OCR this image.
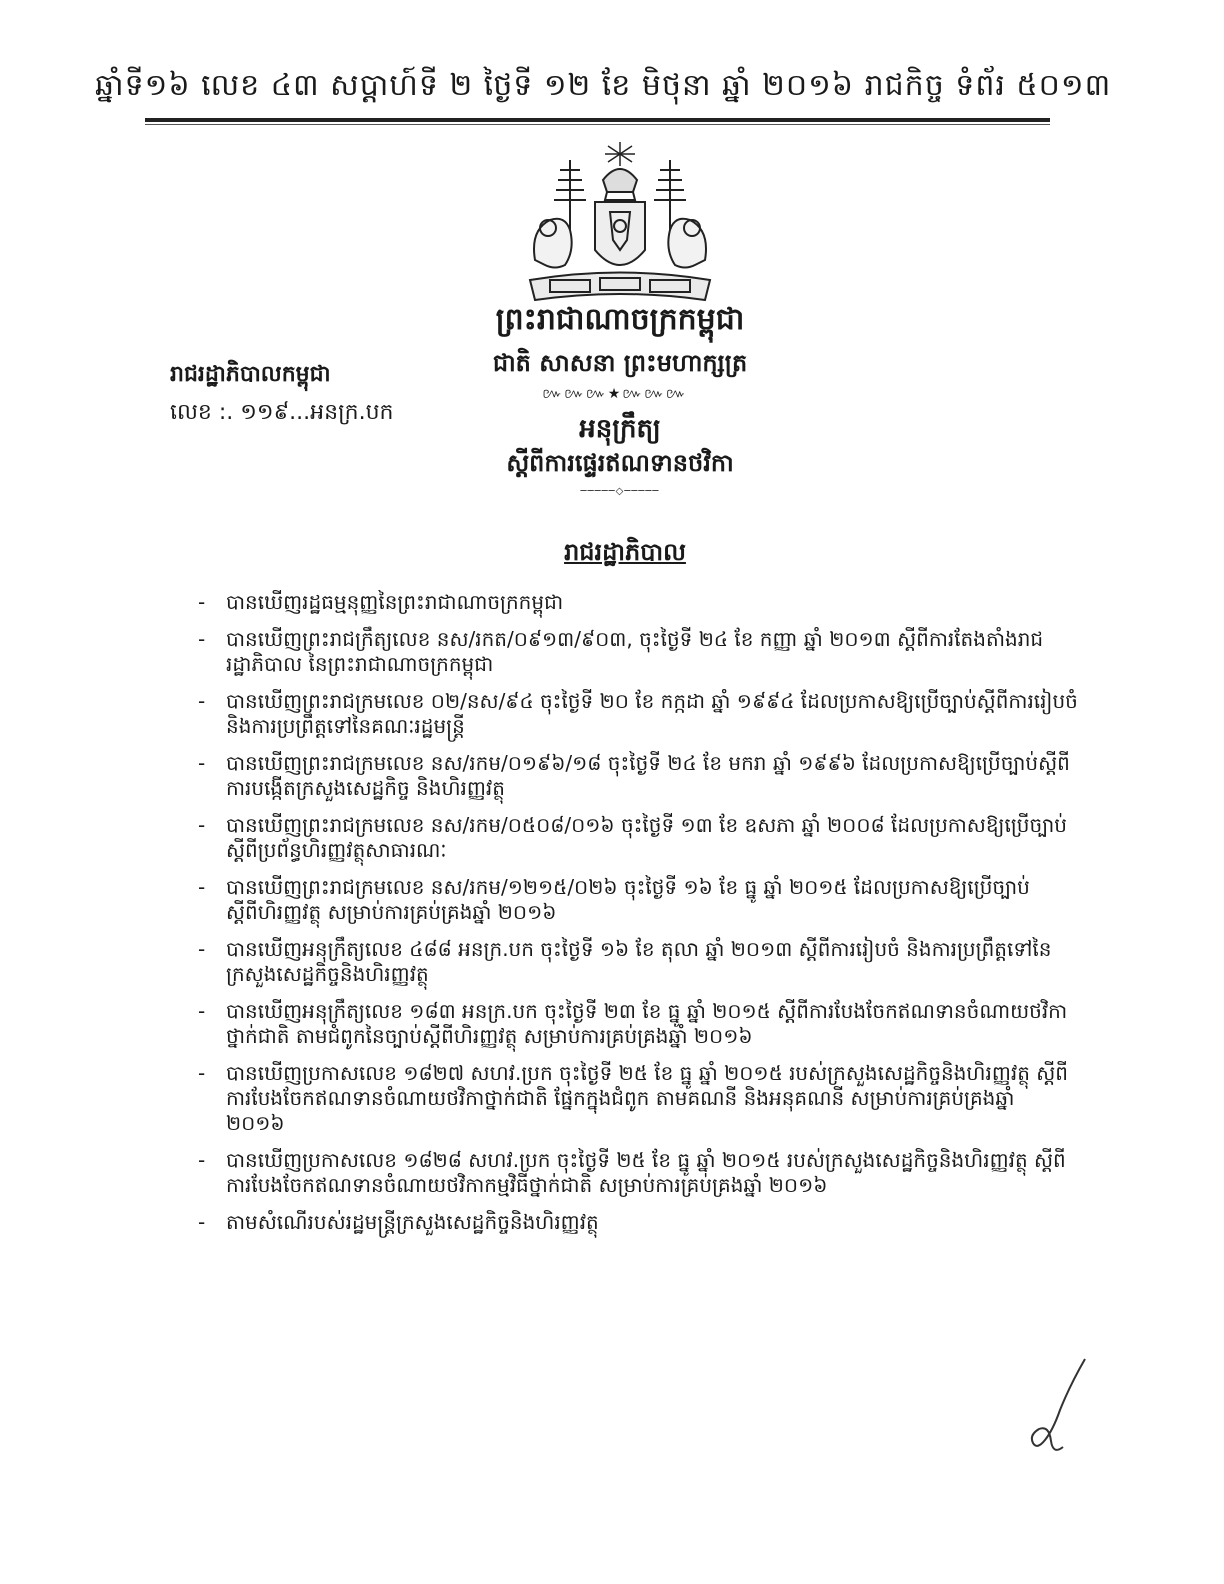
ឆ្នាំទី១៦ លេខ ៤៣ សប្តាហ៍ទី ២ ថ្ងៃទី ១២ ខែ មិថុនា ឆ្នាំ ២០១៦ រាជកិច្ច ទំព័រ ៥០១៣
ព្រះរាជាណាចក្រកម្ពុជា
ជាតិ សាសនា ព្រះមហាក្សត្រ
៚៚៚★៚៚៚
អនុក្រឹត្យ
ស្តីពីការផ្ទេរឥណទានថវិកា
─────◇─────
រាជរដ្ឋាភិបាលកម្ពុជា
លេខ :. ១១៩...អនក្រ.បក
រាជរដ្ឋាភិបាល
- បានឃើញរដ្ឋធម្មនុញ្ញនៃព្រះរាជាណាចក្រកម្ពុជា
- បានឃើញព្រះរាជក្រឹត្យលេខ នស/រកត/០៩១៣/៩០៣, ចុះថ្ងៃទី ២៤ ខែ កញ្ញា ឆ្នាំ ២០១៣ ស្តីពីការតែងតាំងរាជរដ្ឋាភិបាល នៃព្រះរាជាណាចក្រកម្ពុជា
- បានឃើញព្រះរាជក្រមលេខ ០២/នស/៩៤ ចុះថ្ងៃទី ២០ ខែ កក្កដា ឆ្នាំ ១៩៩៤ ដែលប្រកាសឱ្យប្រើច្បាប់ស្តីពីការរៀបចំ និងការប្រព្រឹត្តទៅនៃគណៈរដ្ឋមន្ត្រី
- បានឃើញព្រះរាជក្រមលេខ នស/រកម/០១៩៦/១៨ ចុះថ្ងៃទី ២៤ ខែ មករា ឆ្នាំ ១៩៩៦ ដែលប្រកាសឱ្យប្រើច្បាប់ស្តីពីការបង្កើតក្រសួងសេដ្ឋកិច្ច និងហិរញ្ញវត្ថុ
- បានឃើញព្រះរាជក្រមលេខ នស/រកម/០៥០៨/០១៦ ចុះថ្ងៃទី ១៣ ខែ ឧសភា ឆ្នាំ ២០០៨ ដែលប្រកាសឱ្យប្រើច្បាប់ស្តីពីប្រព័ន្ធហិរញ្ញវត្ថុសាធារណៈ
- បានឃើញព្រះរាជក្រមលេខ នស/រកម/១២១៥/០២៦ ចុះថ្ងៃទី ១៦ ខែ ធ្នូ ឆ្នាំ ២០១៥ ដែលប្រកាសឱ្យប្រើច្បាប់ស្តីពីហិរញ្ញវត្ថុ សម្រាប់ការគ្រប់គ្រងឆ្នាំ ២០១៦
- បានឃើញអនុក្រឹត្យលេខ ៤៨៨ អនក្រ.បក ចុះថ្ងៃទី ១៦ ខែ តុលា ឆ្នាំ ២០១៣ ស្តីពីការរៀបចំ និងការប្រព្រឹត្តទៅនៃក្រសួងសេដ្ឋកិច្ចនិងហិរញ្ញវត្ថុ
- បានឃើញអនុក្រឹត្យលេខ ១៨៣ អនក្រ.បក ចុះថ្ងៃទី ២៣ ខែ ធ្នូ ឆ្នាំ ២០១៥ ស្តីពីការបែងចែកឥណទានចំណាយថវិកាថ្នាក់ជាតិ តាមជំពូកនៃច្បាប់ស្តីពីហិរញ្ញវត្ថុ សម្រាប់ការគ្រប់គ្រងឆ្នាំ ២០១៦
- បានឃើញប្រកាសលេខ ១៨២៧ សហវ.ប្រក ចុះថ្ងៃទី ២៥ ខែ ធ្នូ ឆ្នាំ ២០១៥ របស់ក្រសួងសេដ្ឋកិច្ចនិងហិរញ្ញវត្ថុ ស្តីពីការបែងចែកឥណទានចំណាយថវិកាថ្នាក់ជាតិ ផ្នែកក្នុងជំពូក តាមគណនី និងអនុគណនី សម្រាប់ការគ្រប់គ្រងឆ្នាំ ២០១៦
- បានឃើញប្រកាសលេខ ១៨២៨ សហវ.ប្រក ចុះថ្ងៃទី ២៥ ខែ ធ្នូ ឆ្នាំ ២០១៥ របស់ក្រសួងសេដ្ឋកិច្ចនិងហិរញ្ញវត្ថុ ស្តីពីការបែងចែកឥណទានចំណាយថវិកាកម្មវិធីថ្នាក់ជាតិ សម្រាប់ការគ្រប់គ្រងឆ្នាំ ២០១៦
- តាមសំណើរបស់រដ្ឋមន្ត្រីក្រសួងសេដ្ឋកិច្ចនិងហិរញ្ញវត្ថុ
